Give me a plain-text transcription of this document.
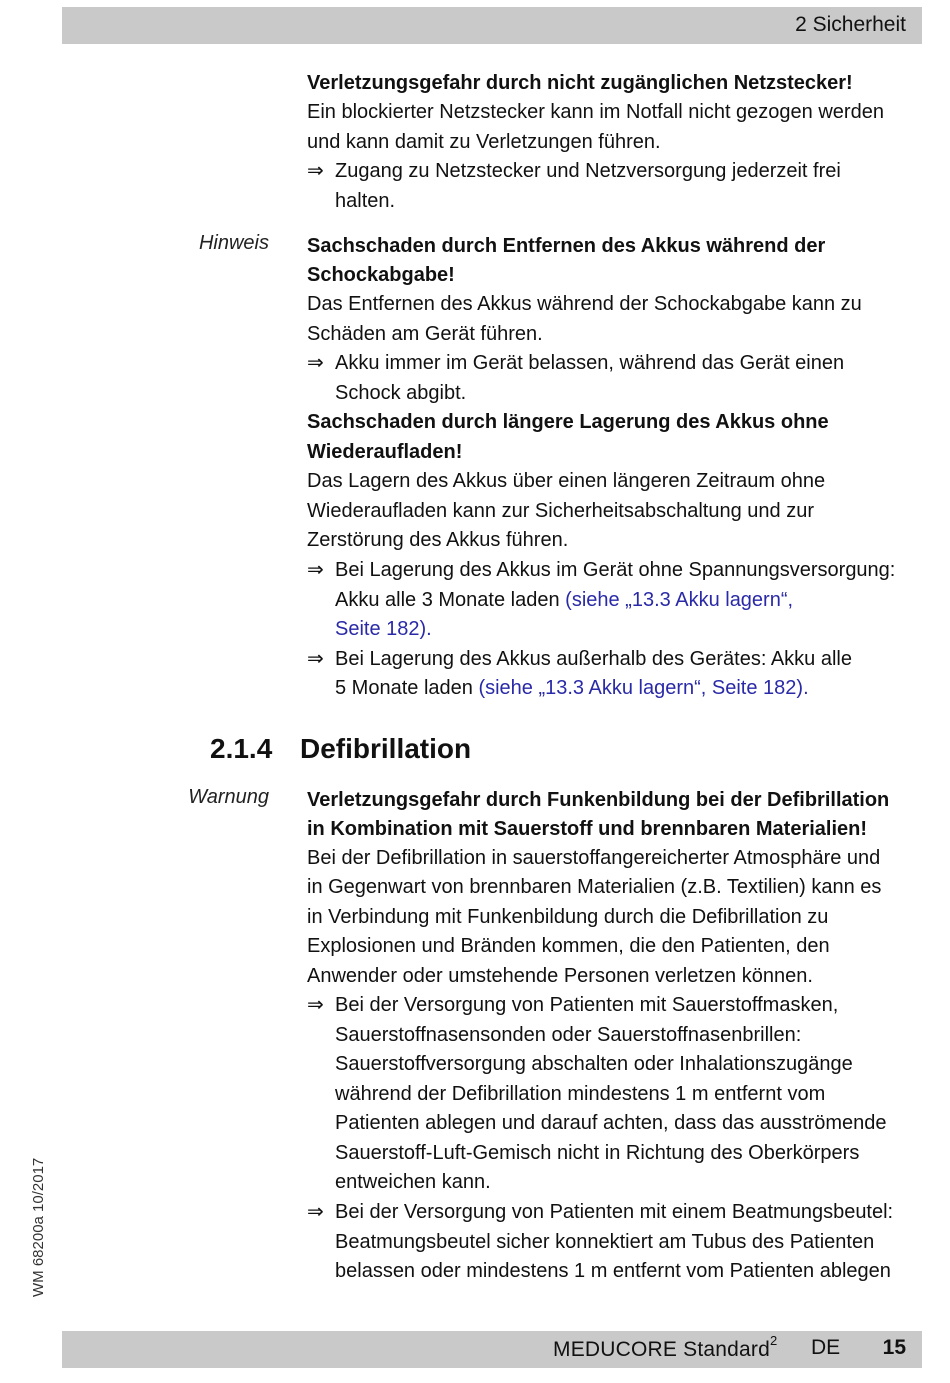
2 Sicherheit
WM 68200a 10/2017
Verletzungsgefahr durch nicht zugänglichen Netzstecker!
Ein blockierter Netzstecker kann im Notfall nicht gezogen werden
und kann damit zu Verletzungen führen.
⇒ Zugang zu Netzstecker und Netzversorgung jederzeit frei
halten.
Hinweis Sachschaden durch Entfernen des Akkus während der
Schockabgabe!
Das Entfernen des Akkus während der Schockabgabe kann zu
Schäden am Gerät führen.
⇒ Akku immer im Gerät belassen, während das Gerät einen
Schock abgibt.
Sachschaden durch längere Lagerung des Akkus ohne
Wiederaufladen!
Das Lagern des Akkus über einen längeren Zeitraum ohne
Wiederaufladen kann zur Sicherheitsabschaltung und zur
Zerstörung des Akkus führen.
⇒ Bei Lagerung des Akkus im Gerät ohne Spannungsversorgung:
Akku alle 3 Monate laden (siehe „13.3 Akku lagern“,
Seite 182).
⇒ Bei Lagerung des Akkus außerhalb des Gerätes: Akku alle
5 Monate laden (siehe „13.3 Akku lagern“, Seite 182).
2.1.4 Defibrillation
Warnung Verletzungsgefahr durch Funkenbildung bei der Defibrillation
in Kombination mit Sauerstoff und brennbaren Materialien!
Bei der Defibrillation in sauerstoffangereicherter Atmosphäre und
in Gegenwart von brennbaren Materialien (z.B. Textilien) kann es
in Verbindung mit Funkenbildung durch die Defibrillation zu
Explosionen und Bränden kommen, die den Patienten, den
Anwender oder umstehende Personen verletzen können.
⇒ Bei der Versorgung von Patienten mit Sauerstoffmasken,
Sauerstoffnasensonden oder Sauerstoffnasenbrillen:
Sauerstoffversorgung abschalten oder Inhalationszugänge
während der Defibrillation mindestens 1 m entfernt vom
Patienten ablegen und darauf achten, dass das ausströmende
Sauerstoff-Luft-Gemisch nicht in Richtung des Oberkörpers
entweichen kann.
⇒ Bei der Versorgung von Patienten mit einem Beatmungsbeutel:
Beatmungsbeutel sicher konnektiert am Tubus des Patienten
belassen oder mindestens 1 m entfernt vom Patienten ablegen
MEDUCORE Standard$^2$ DE 15
